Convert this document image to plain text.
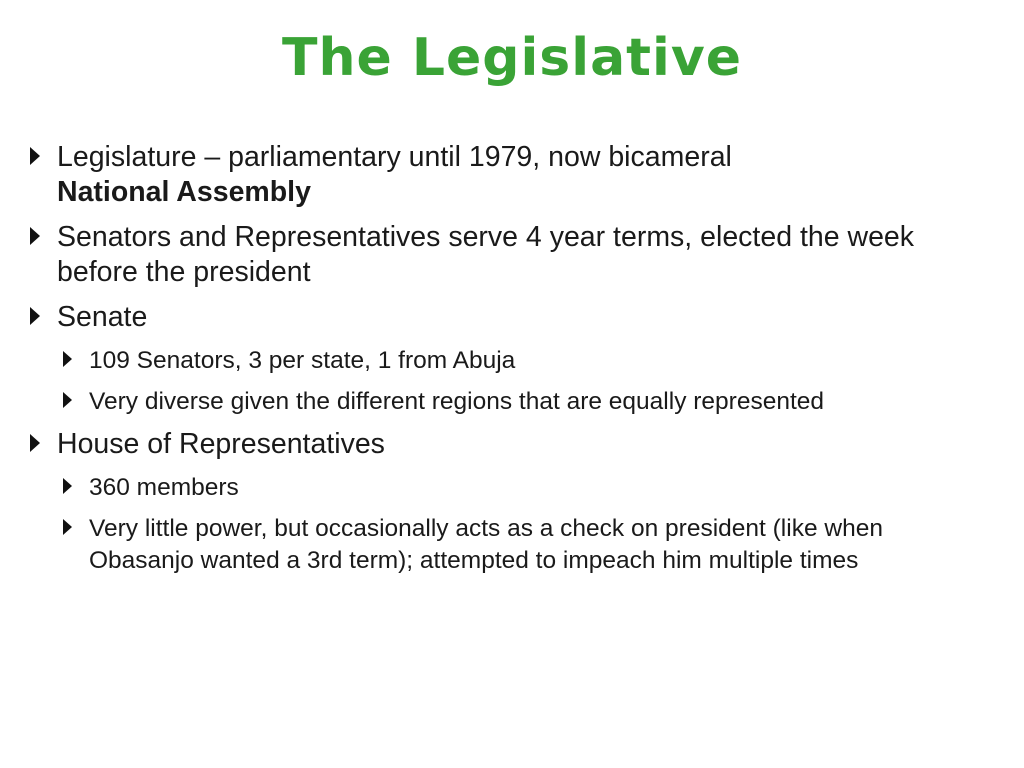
The Legislative
Legislature – parliamentary until 1979, now bicameral
National Assembly
Senators and Representatives serve 4 year terms, elected the week before the president
Senate
109 Senators, 3 per state, 1 from Abuja
Very diverse given the different regions that are equally represented
House of Representatives
360 members
Very little power, but occasionally acts as a check on president (like when Obasanjo wanted a 3rd term); attempted to impeach him multiple times
